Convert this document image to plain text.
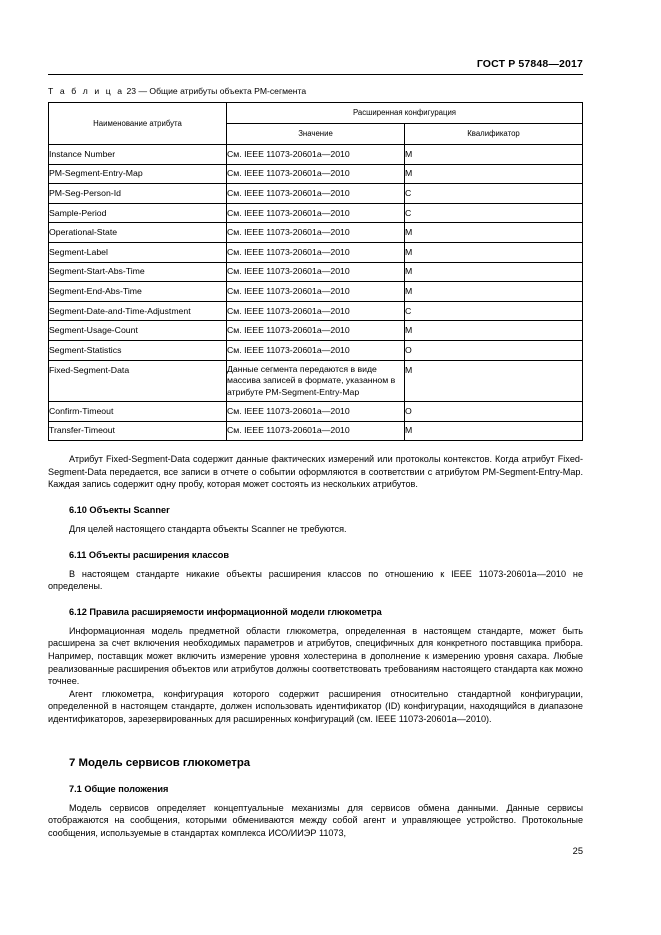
ГОСТ Р 57848—2017

Т а б л и ц а 23 — Общие атрибуты объекта PM-сегмента

Наименование атрибута	Расширенная конфигурация	
	Значение	Квалификатор
Instance Number	См. IEEE 11073-20601a—2010	M
PM-Segment-Entry-Map	См. IEEE 11073-20601a—2010	M
PM-Seg-Person-Id	См. IEEE 11073-20601a—2010	C
Sample-Period	См. IEEE 11073-20601a—2010	C
Operational-State	См. IEEE 11073-20601a—2010	M
Segment-Label	См. IEEE 11073-20601a—2010	M
Segment-Start-Abs-Time	См. IEEE 11073-20601a—2010	M
Segment-End-Abs-Time	См. IEEE 11073-20601a—2010	M
Segment-Date-and-Time-Adjustment	См. IEEE 11073-20601a—2010	C
Segment-Usage-Count	См. IEEE 11073-20601a—2010	M
Segment-Statistics	См. IEEE 11073-20601a—2010	O
Fixed-Segment-Data	Данные сегмента передаются в виде массива записей в формате, указанном в атрибуте PM-Segment-Entry-Map	M
Confirm-Timeout	См. IEEE 11073-20601a—2010	O
Transfer-Timeout	См. IEEE 11073-20601a—2010	M

Атрибут Fixed-Segment-Data содержит данные фактических измерений или протоколы контекстов. Когда атрибут Fixed-Segment-Data передается, все записи в отчете о событии оформляются в соответствии с атрибутом PM-Segment-Entry-Map. Каждая запись содержит одну пробу, которая может состоять из нескольких атрибутов.

6.10 Объекты Scanner

Для целей настоящего стандарта объекты Scanner не требуются.

6.11 Объекты расширения классов

В настоящем стандарте никакие объекты расширения классов по отношению к IEEE 11073-20601a—2010 не определены.

6.12 Правила расширяемости информационной модели глюкометра

Информационная модель предметной области глюкометра, определенная в настоящем стандарте, может быть расширена за счет включения необходимых параметров и атрибутов, специфичных для конкретного поставщика прибора. Например, поставщик может включить измерение уровня холестерина в дополнение к измерению уровня сахара. Любые реализованные расширения объектов или атрибутов должны соответствовать требованиям настоящего стандарта как можно точнее.

Агент глюкометра, конфигурация которого содержит расширения относительно стандартной конфигурации, определенной в настоящем стандарте, должен использовать идентификатор (ID) конфигурации, находящийся в диапазоне идентификаторов, зарезервированных для расширенных конфигураций (см. IEEE 11073-20601a—2010).

7 Модель сервисов глюкометра
7.1 Общие положения

Модель сервисов определяет концептуальные механизмы для сервисов обмена данными. Данные сервисы отображаются на сообщения, которыми обмениваются между собой агент и управляющее устройство. Протокольные сообщения, используемые в стандартах комплекса ИСО/ИИЭР 11073,

25
